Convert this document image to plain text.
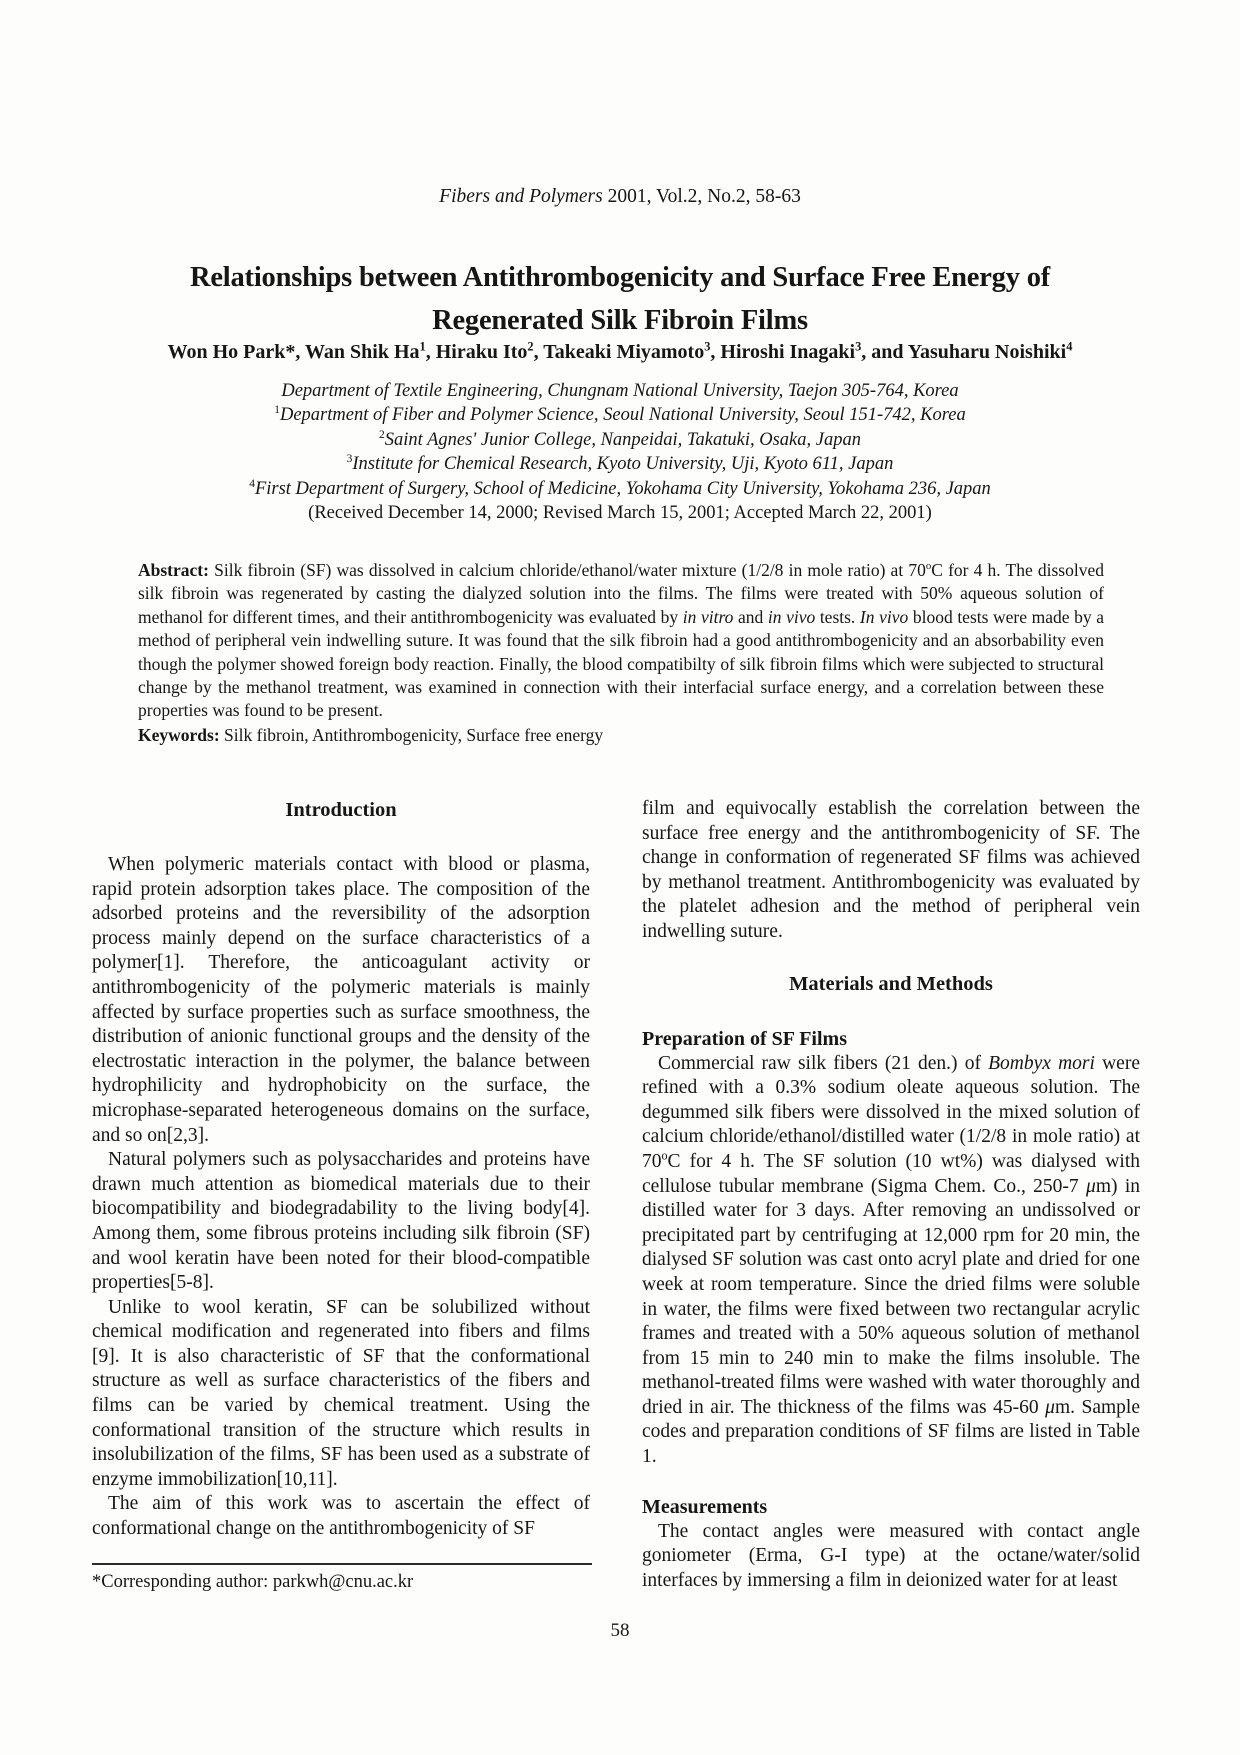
Fibers and Polymers 2001, Vol.2, No.2, 58-63
Relationships between Antithrombogenicity and Surface Free Energy of Regenerated Silk Fibroin Films
Won Ho Park*, Wan Shik Ha$^1$, Hiraku Ito$^2$, Takeaki Miyamoto$^3$, Hiroshi Inagaki$^3$, and Yasuharu Noishiki$^4$
Department of Textile Engineering, Chungnam National University, Taejon 305-764, Korea
$^1$Department of Fiber and Polymer Science, Seoul National University, Seoul 151-742, Korea
$^2$Saint Agnes' Junior College, Nanpeidai, Takatuki, Osaka, Japan
$^3$Institute for Chemical Research, Kyoto University, Uji, Kyoto 611, Japan
$^4$First Department of Surgery, School of Medicine, Yokohama City University, Yokohama 236, Japan
(Received December 14, 2000; Revised March 15, 2001; Accepted March 22, 2001)
Abstract: Silk fibroin (SF) was dissolved in calcium chloride/ethanol/water mixture (1/2/8 in mole ratio) at 70$^o$C for 4 h. The dissolved silk fibroin was regenerated by casting the dialyzed solution into the films. The films were treated with 50% aqueous solution of methanol for different times, and their antithrombogenicity was evaluated by in vitro and in vivo tests. In vivo blood tests were made by a method of peripheral vein indwelling suture. It was found that the silk fibroin had a good antithrombogenicity and an absorbability even though the polymer showed foreign body reaction. Finally, the blood compatibilty of silk fibroin films which were subjected to structural change by the methanol treatment, was examined in connection with their interfacial surface energy, and a correlation between these properties was found to be present.
Keywords: Silk fibroin, Antithrombogenicity, Surface free energy
Introduction

When polymeric materials contact with blood or plasma, rapid protein adsorption takes place. The composition of the adsorbed proteins and the reversibility of the adsorption process mainly depend on the surface characteristics of a polymer[1]. Therefore, the anticoagulant activity or antithrombogenicity of the polymeric materials is mainly affected by surface properties such as surface smoothness, the distribution of anionic functional groups and the density of the electrostatic interaction in the polymer, the balance between hydrophilicity and hydrophobicity on the surface, the microphase-separated heterogeneous domains on the surface, and so on[2,3].

Natural polymers such as polysaccharides and proteins have drawn much attention as biomedical materials due to their biocompatibility and biodegradability to the living body[4]. Among them, some fibrous proteins including silk fibroin (SF) and wool keratin have been noted for their blood-compatible properties[5-8].

Unlike to wool keratin, SF can be solubilized without chemical modification and regenerated into fibers and films [9]. It is also characteristic of SF that the conformational structure as well as surface characteristics of the fibers and films can be varied by chemical treatment. Using the conformational transition of the structure which results in insolubilization of the films, SF has been used as a substrate of enzyme immobilization[10,11].

The aim of this work was to ascertain the effect of conformational change on the antithrombogenicity of SF

film and equivocally establish the correlation between the surface free energy and the antithrombogenicity of SF. The change in conformation of regenerated SF films was achieved by methanol treatment. Antithrombogenicity was evaluated by the platelet adhesion and the method of peripheral vein indwelling suture.

Materials and Methods
Preparation of SF Films

Commercial raw silk fibers (21 den.) of Bombyx mori were refined with a 0.3% sodium oleate aqueous solution. The degummed silk fibers were dissolved in the mixed solution of calcium chloride/ethanol/distilled water (1/2/8 in mole ratio) at 70$^o$C for 4 h. The SF solution (10 wt%) was dialysed with cellulose tubular membrane (Sigma Chem. Co., 250-7 μm) in distilled water for 3 days. After removing an undissolved or precipitated part by centrifuging at 12,000 rpm for 20 min, the dialysed SF solution was cast onto acryl plate and dried for one week at room temperature. Since the dried films were soluble in water, the films were fixed between two rectangular acrylic frames and treated with a 50% aqueous solution of methanol from 15 min to 240 min to make the films insoluble. The methanol-treated films were washed with water thoroughly and dried in air. The thickness of the films was 45-60 μm. Sample codes and preparation conditions of SF films are listed in Table 1.

Measurements

The contact angles were measured with contact angle goniometer (Erma, G-I type) at the octane/water/solid interfaces by immersing a film in deionized water for at least

*Corresponding author: parkwh@cnu.ac.kr
58
